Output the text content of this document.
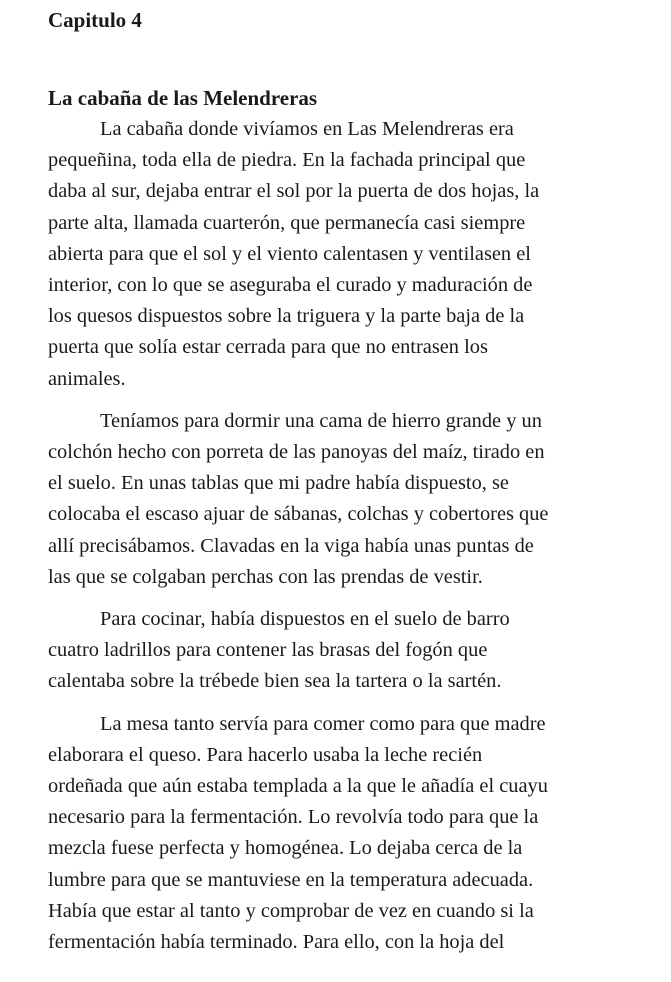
Capitulo 4
La cabaña de las Melendreras
La cabaña donde vivíamos en Las Melendreras era
pequeñina, toda ella de piedra. En la fachada principal que
daba al sur, dejaba entrar el sol por la puerta de dos hojas, la
parte alta, llamada cuarterón, que permanecía casi siempre
abierta para que el sol y el viento calentasen y ventilasen el
interior, con lo que se aseguraba el curado y maduración de
los quesos dispuestos sobre la triguera y la parte baja de la
puerta que solía estar cerrada para que no entrasen los
animales.
Teníamos para dormir una cama de hierro grande y un
colchón hecho con porreta de las panoyas del maíz, tirado en
el suelo. En unas tablas que mi padre había dispuesto, se
colocaba el escaso ajuar de sábanas, colchas y cobertores que
allí precisábamos. Clavadas en la viga había unas puntas de
las que se colgaban perchas con las prendas de vestir.
Para cocinar, había dispuestos en el suelo de barro
cuatro ladrillos para contener las brasas del fogón que
calentaba sobre la trébede bien sea la tartera o la sartén.
La mesa tanto servía para comer como para que madre
elaborara el queso. Para hacerlo usaba la leche recién
ordeñada que aún estaba templada a la que le añadía el cuayu
necesario para la fermentación. Lo revolvía todo para que la
mezcla fuese perfecta y homogénea. Lo dejaba cerca de la
lumbre para que se mantuviese en la temperatura adecuada.
Había que estar al tanto y comprobar de vez en cuando si la
fermentación había terminado. Para ello, con la hoja del
